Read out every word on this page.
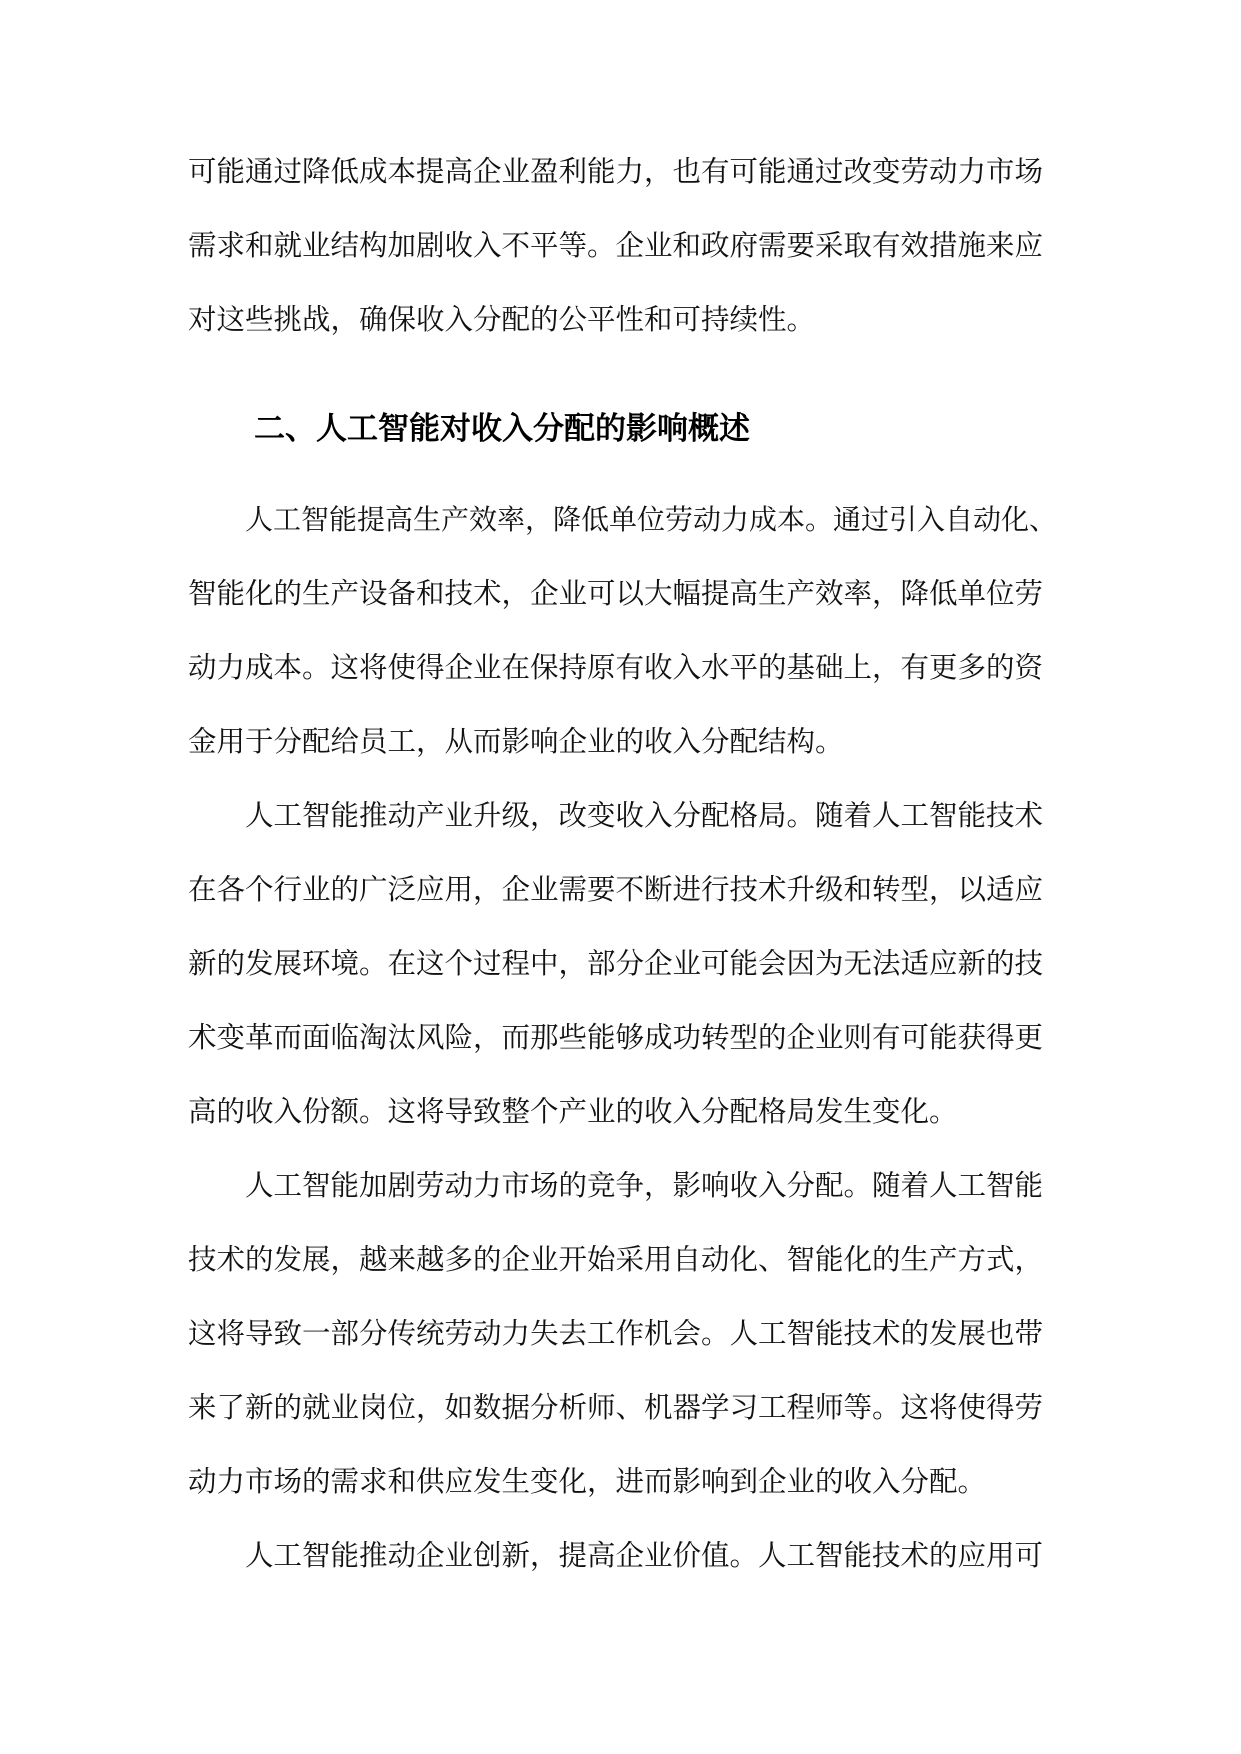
可能通过降低成本提高企业盈利能力，也有可能通过改变劳动力市场
需求和就业结构加剧收入不平等。企业和政府需要采取有效措施来应
对这些挑战，确保收入分配的公平性和可持续性。
二、人工智能对收入分配的影响概述
人工智能提高生产效率，降低单位劳动力成本。通过引入自动化、
智能化的生产设备和技术，企业可以大幅提高生产效率，降低单位劳
动力成本。这将使得企业在保持原有收入水平的基础上，有更多的资
金用于分配给员工，从而影响企业的收入分配结构。
人工智能推动产业升级，改变收入分配格局。随着人工智能技术
在各个行业的广泛应用，企业需要不断进行技术升级和转型，以适应
新的发展环境。在这个过程中，部分企业可能会因为无法适应新的技
术变革而面临淘汰风险，而那些能够成功转型的企业则有可能获得更
高的收入份额。这将导致整个产业的收入分配格局发生变化。
人工智能加剧劳动力市场的竞争，影响收入分配。随着人工智能
技术的发展，越来越多的企业开始采用自动化、智能化的生产方式，
这将导致一部分传统劳动力失去工作机会。人工智能技术的发展也带
来了新的就业岗位，如数据分析师、机器学习工程师等。这将使得劳
动力市场的需求和供应发生变化，进而影响到企业的收入分配。
人工智能推动企业创新，提高企业价值。人工智能技术的应用可
